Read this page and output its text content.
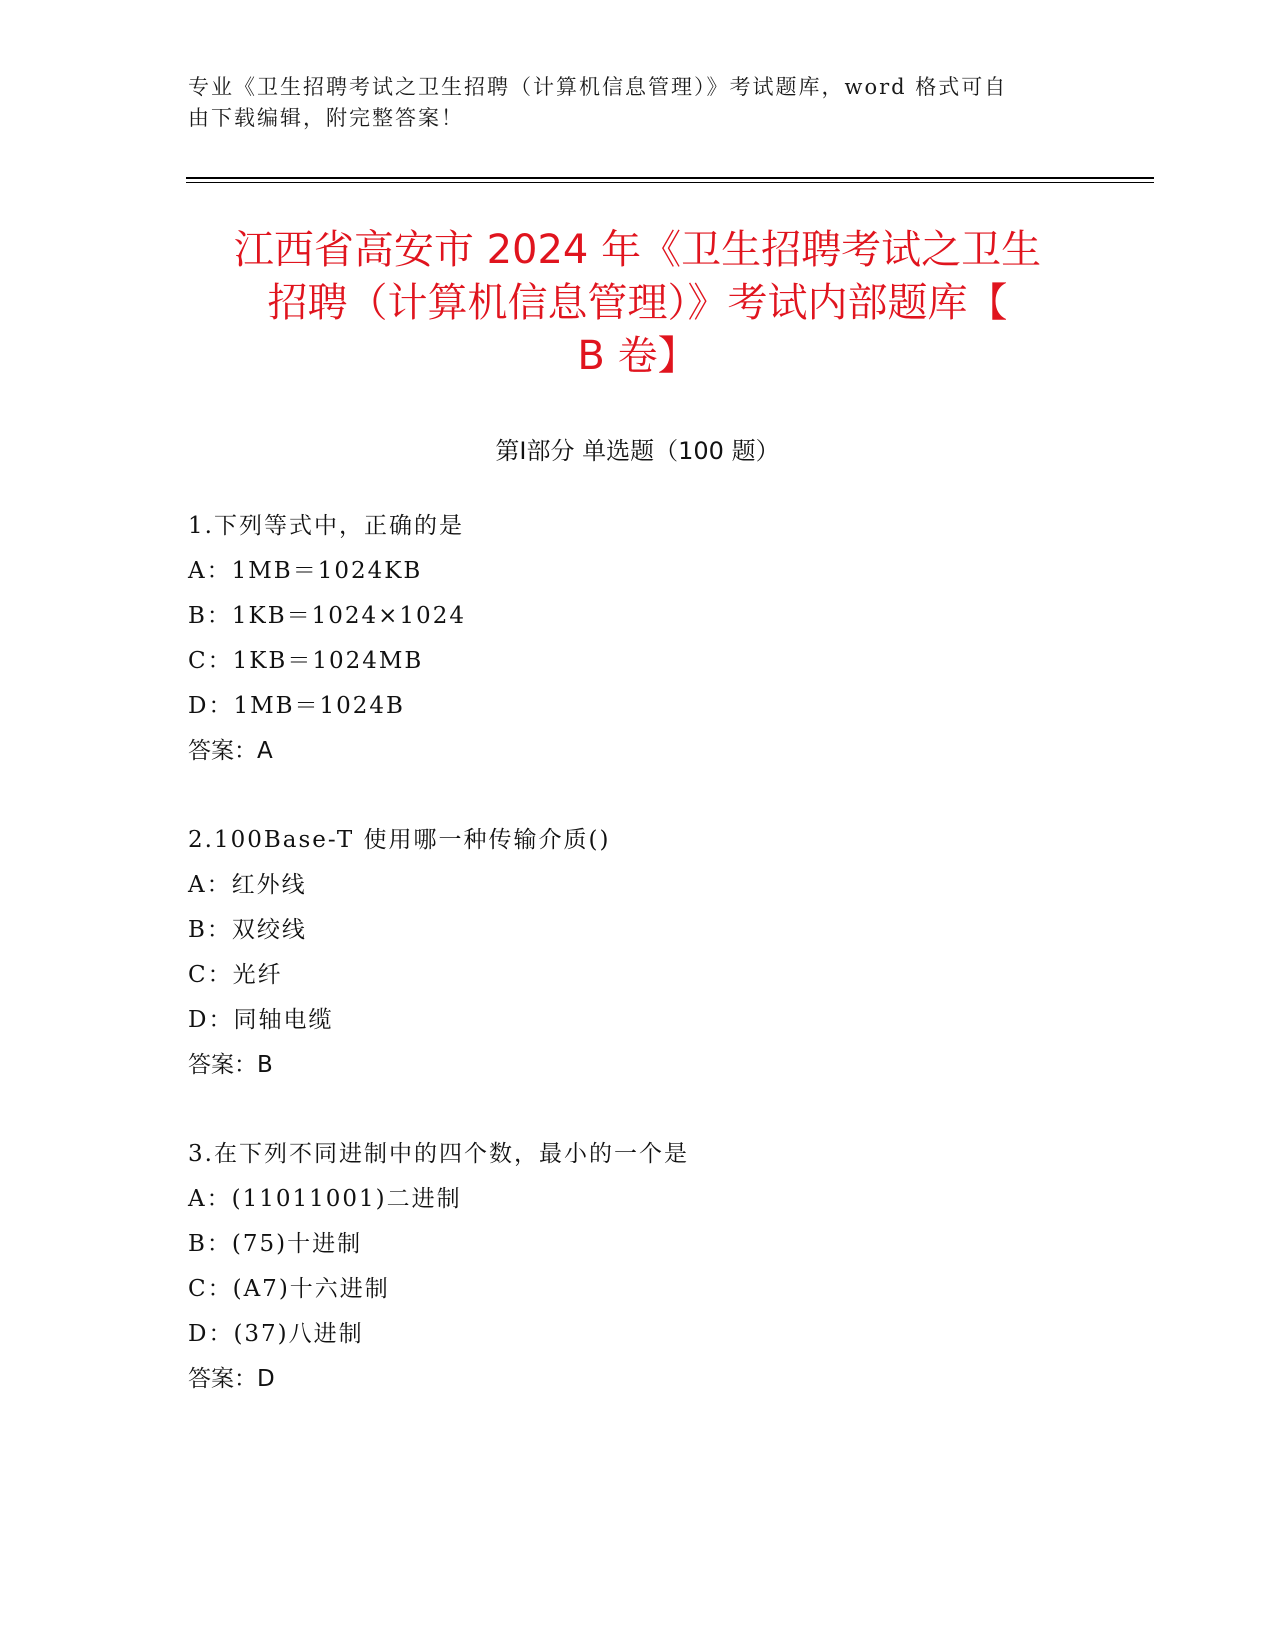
专业《卫生招聘考试之卫生招聘（计算机信息管理）》考试题库，word 格式可自
由下载编辑，附完整答案！
江西省高安市 2024 年《卫生招聘考试之卫生
招聘（计算机信息管理）》考试内部题库【
B 卷】
第Ⅰ部分 单选题（100 题）
1.下列等式中，正确的是
A：1MB＝1024KB
B：1KB＝1024×1024
C：1KB＝1024MB
D：1MB＝1024B
答案：A
2.100Base-T 使用哪一种传输介质()
A：红外线
B：双绞线
C：光纤
D：同轴电缆
答案：B
3.在下列不同进制中的四个数，最小的一个是
A：(11011001)二进制
B：(75)十进制
C：(A7)十六进制
D：(37)八进制
答案：D
